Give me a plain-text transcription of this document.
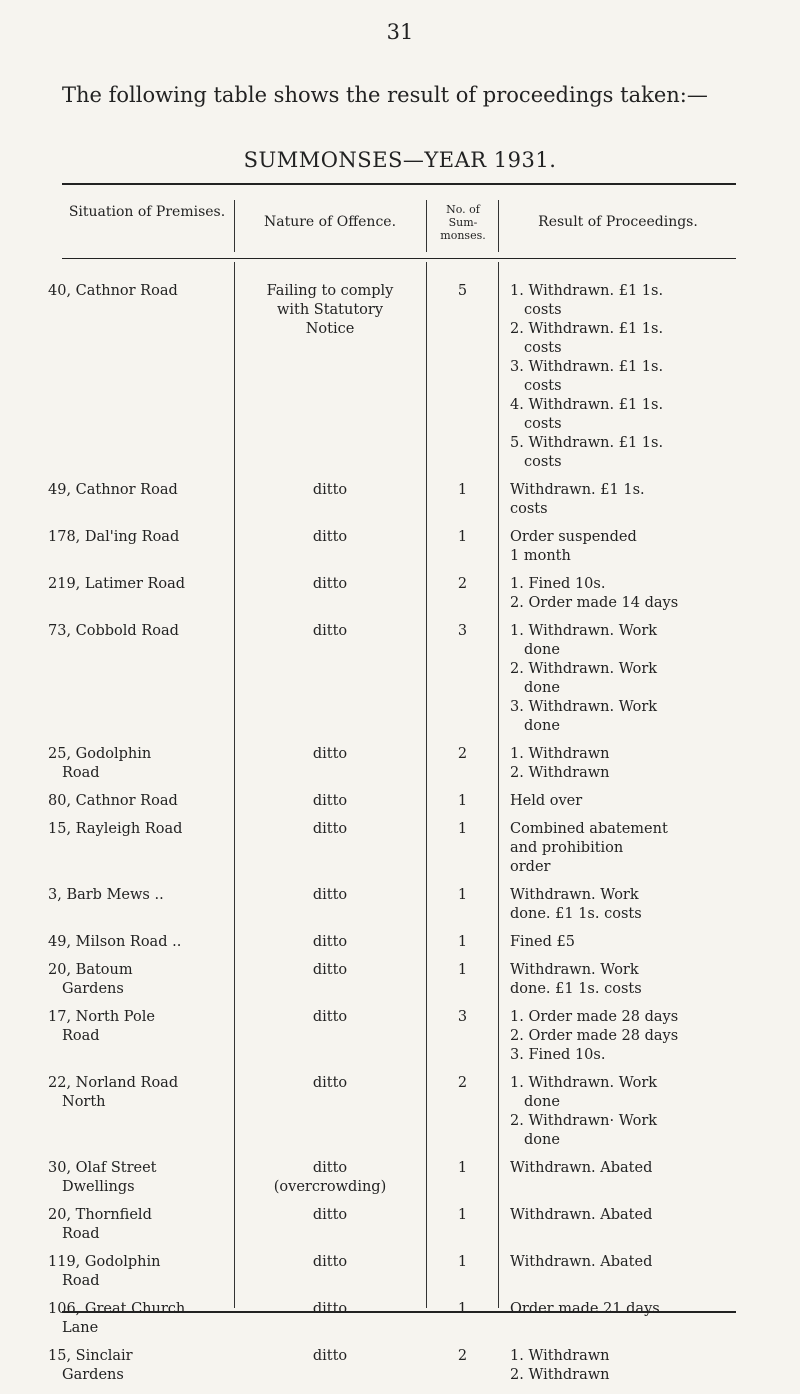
31
The following table shows the result of proceedings taken:—
SUMMONSES—YEAR 1931.
Situation of Premises.
Nature of Offence.
No. of Sum- monses.
Result of Proceedings.
40, Cathnor Road	Failing to comply
with Statutory
Notice
5	1. Withdrawn. £1 1s.
costs
2. Withdrawn. £1 1s.
costs
3. Withdrawn. £1 1s.
costs
4. Withdrawn. £1 1s.
costs
5. Withdrawn. £1 1s.
costs
49, Cathnor Road	ditto	1	Withdrawn. £1 1s.
costs
178, Dal'ing Road	ditto	1	Order suspended
1 month
219, Latimer Road	ditto	2	1. Fined 10s.
2. Order made 14 days
73, Cobbold Road	ditto	3	1. Withdrawn. Work
done
2. Withdrawn. Work
done
3. Withdrawn. Work
done
25, Godolphin
Road
ditto	2	1. Withdrawn
2. Withdrawn
80, Cathnor Road	ditto	1	Held over
15, Rayleigh Road	ditto	1	Combined abatement
and prohibition
order
3, Barb Mews ..	ditto	1	Withdrawn. Work
done. £1 1s. costs
49, Milson Road ..	ditto	1	Fined £5
20, Batoum
Gardens
ditto	1	Withdrawn. Work
done. £1 1s. costs
17, North Pole
Road
ditto	3	1. Order made 28 days
2. Order made 28 days
3. Fined 10s.
22, Norland Road
North
ditto	2	1. Withdrawn. Work
done
2. Withdrawn· Work
done
30, Olaf Street
Dwellings
ditto
(overcrowding)
1	Withdrawn. Abated
20, Thornfield
Road
ditto	1	Withdrawn. Abated
119, Godolphin
Road
ditto	1	Withdrawn. Abated
106, Great Church
Lane
ditto	1	Order made 21 days
15, Sinclair
Gardens
ditto	2	1. Withdrawn
2. Withdrawn
